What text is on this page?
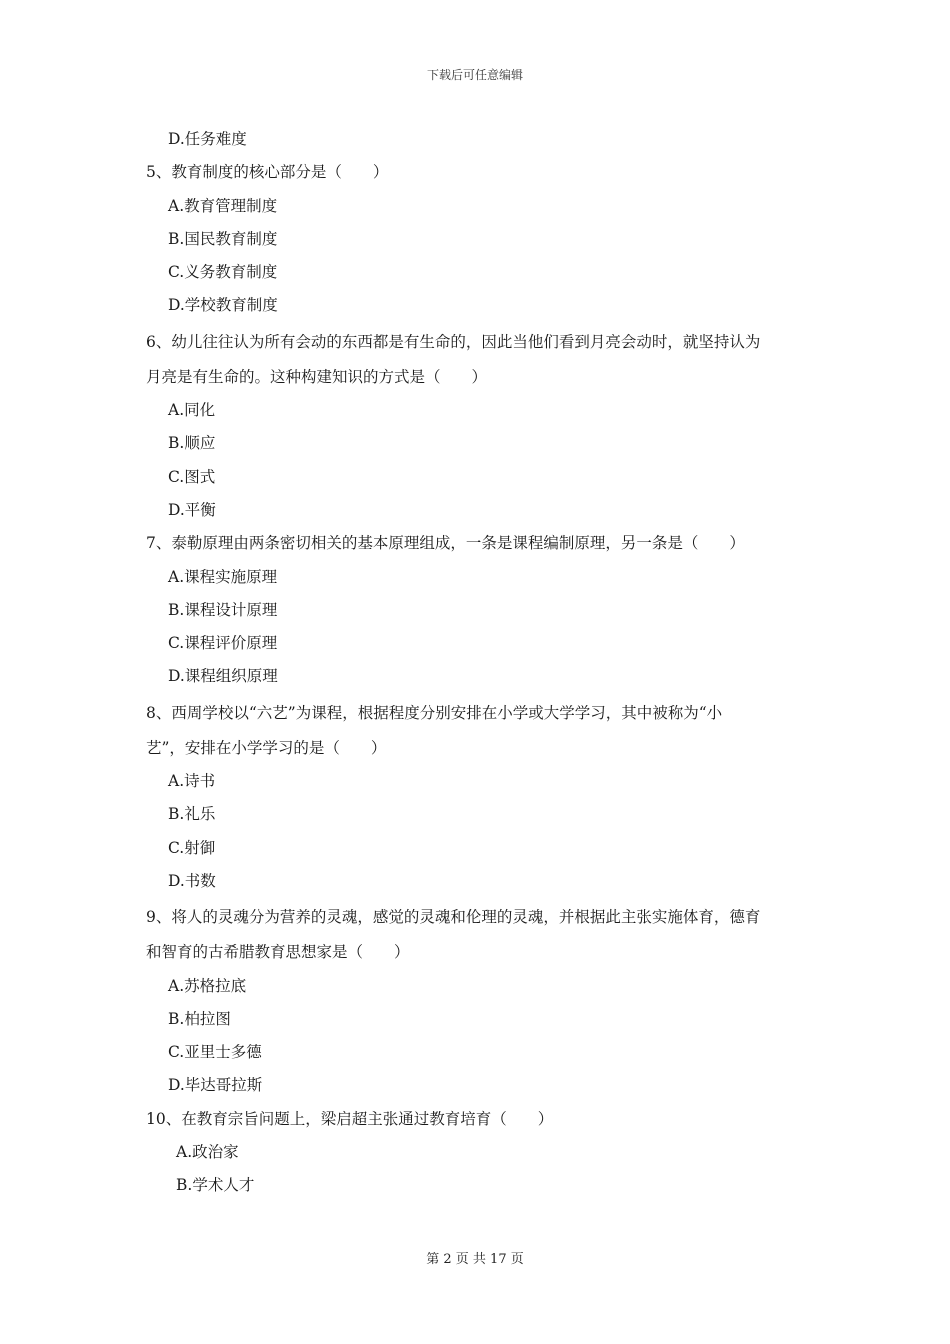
下载后可任意编辑
D.任务难度
5、教育制度的核心部分是（　　）
A.教育管理制度
B.国民教育制度
C.义务教育制度
D.学校教育制度
6、幼儿往往认为所有会动的东西都是有生命的，因此当他们看到月亮会动时，就坚持认为
月亮是有生命的。这种构建知识的方式是（　　）
A.同化
B.顺应
C.图式
D.平衡
7、泰勒原理由两条密切相关的基本原理组成，一条是课程编制原理，另一条是（　　）
A.课程实施原理
B.课程设计原理
C.课程评价原理
D.课程组织原理
8、西周学校以“六艺”为课程，根据程度分别安排在小学或大学学习，其中被称为“小
艺”，安排在小学学习的是（　　）
A.诗书
B.礼乐
C.射御
D.书数
9、将人的灵魂分为营养的灵魂，感觉的灵魂和伦理的灵魂，并根据此主张实施体育，德育
和智育的古希腊教育思想家是（　　）
A.苏格拉底
B.柏拉图
C.亚里士多德
D.毕达哥拉斯
10、在教育宗旨问题上，梁启超主张通过教育培育（　　）
A.政治家
B.学术人才
第 2 页 共 17 页
